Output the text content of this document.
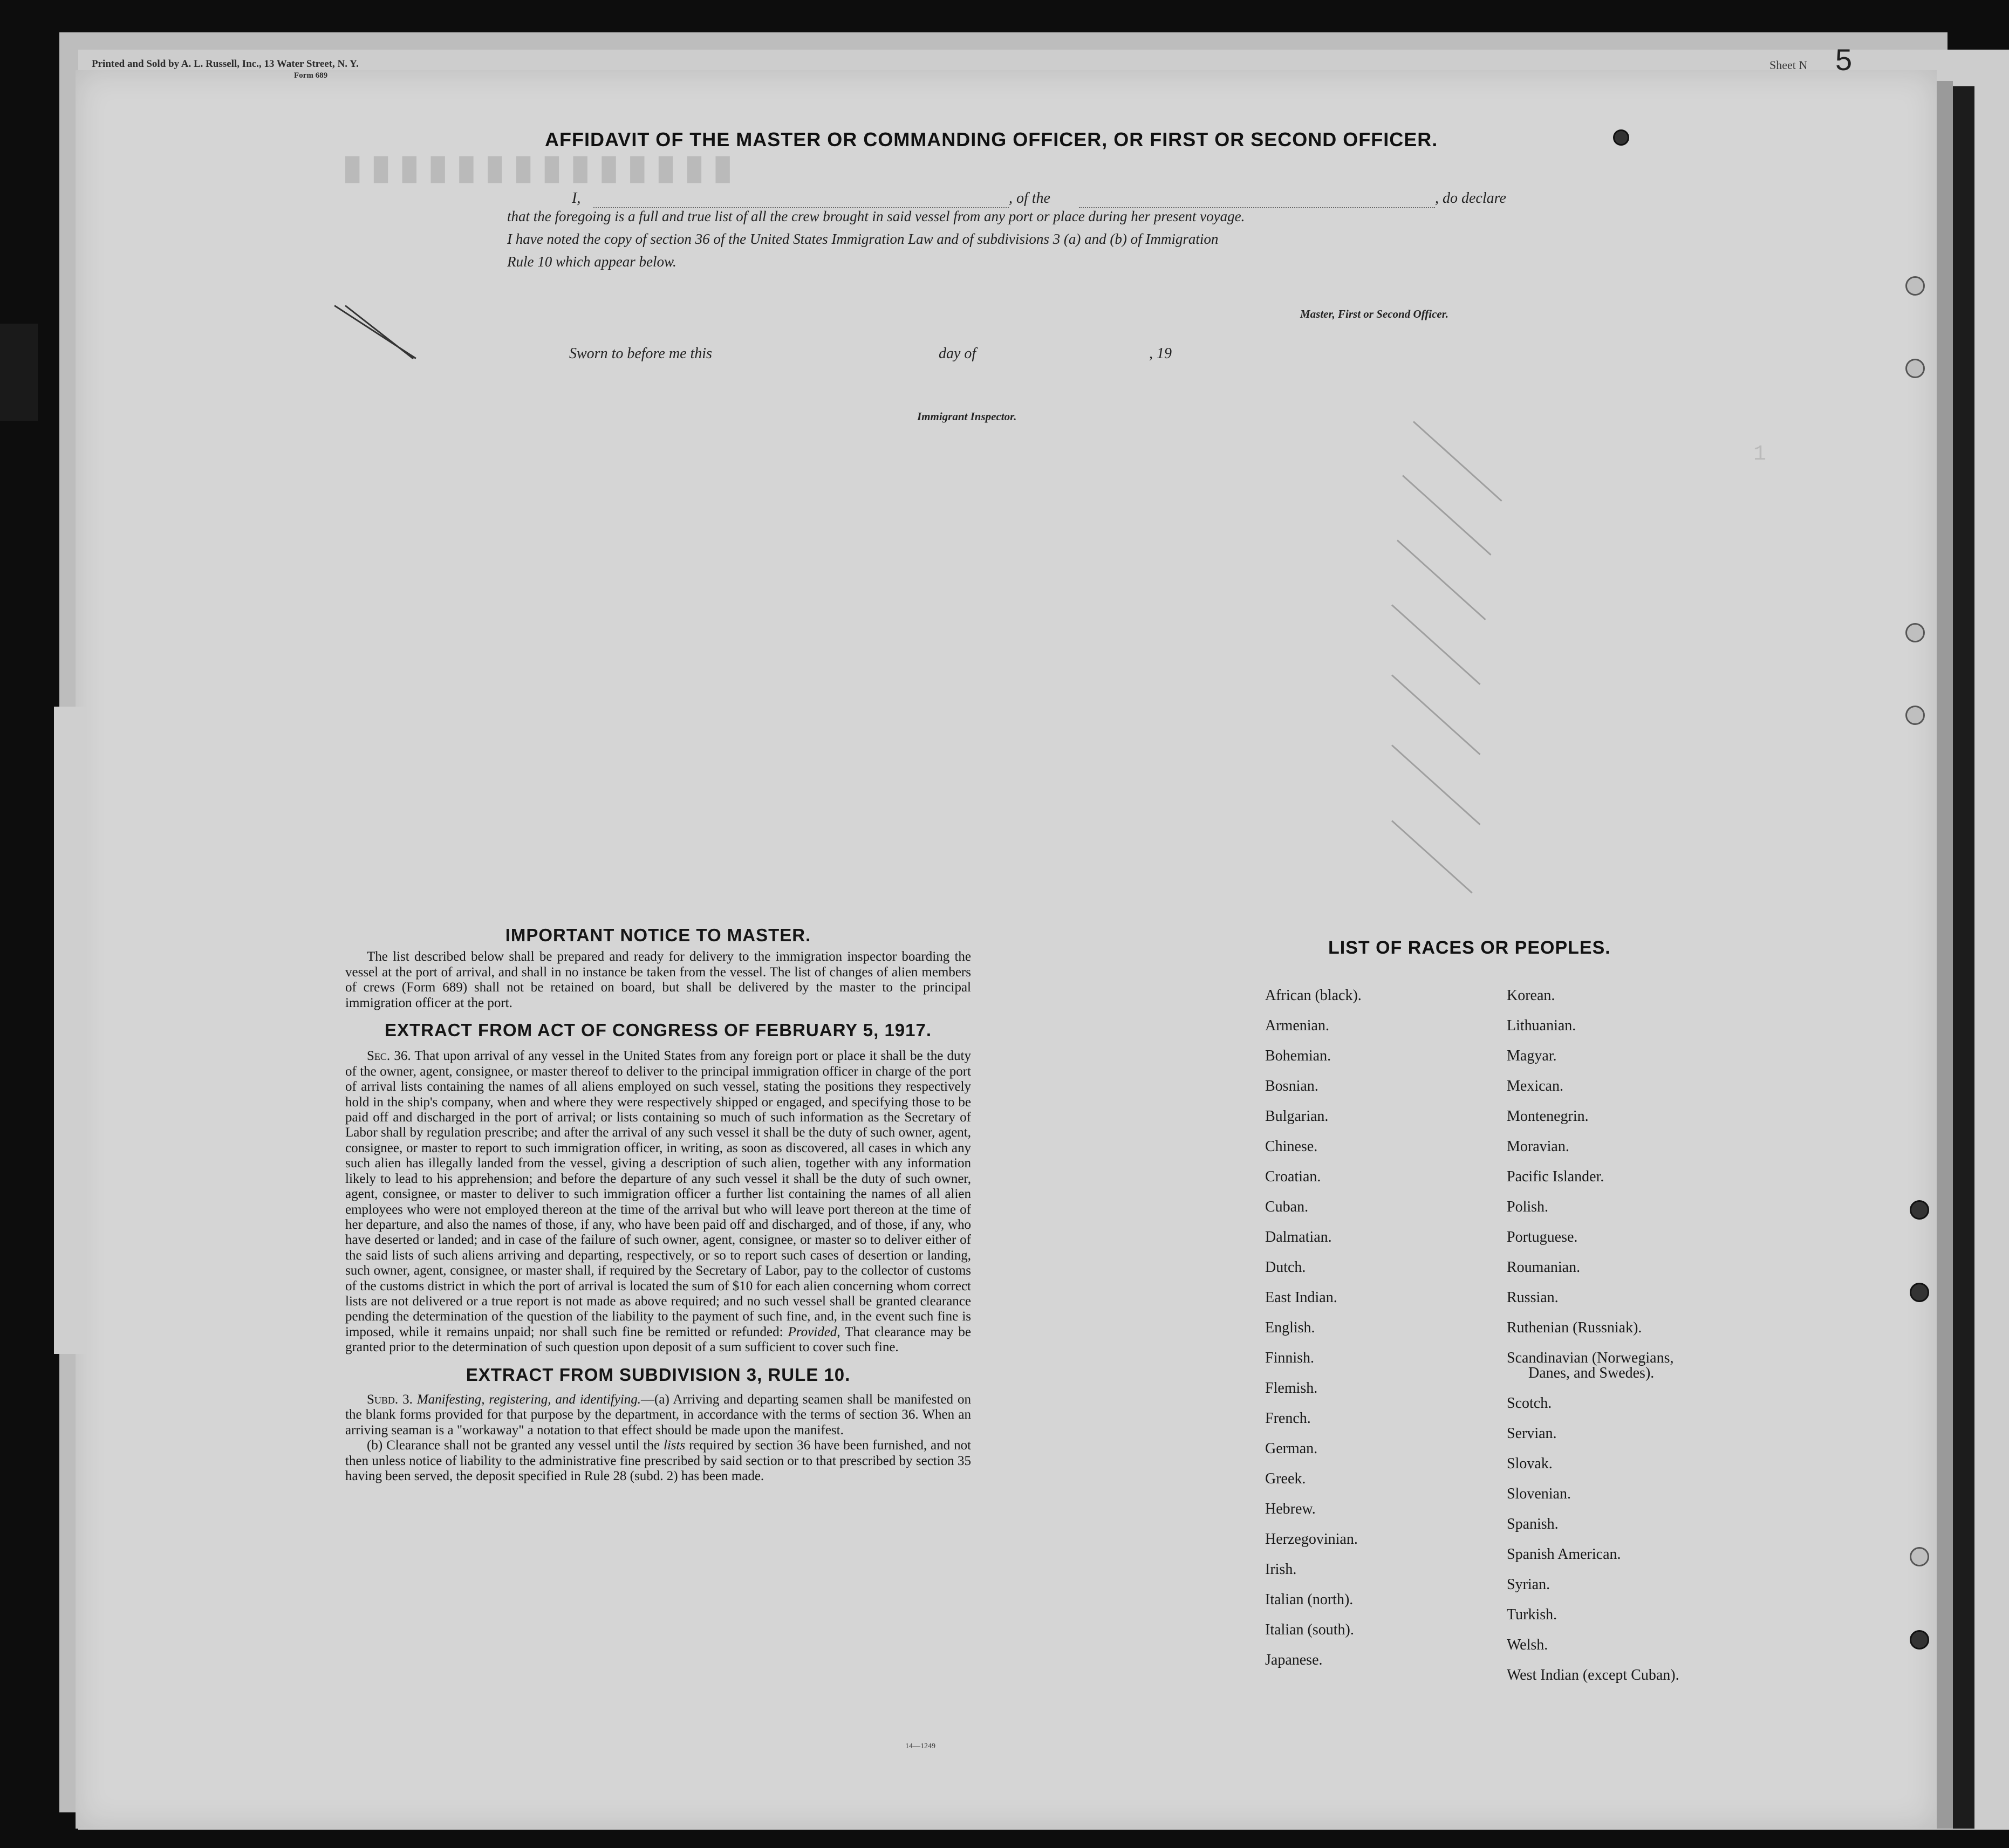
█ █ █ █ █ █ █ █ █ █ █ █ █ █
1
Printed and Sold by A. L. Russell, Inc., 13 Water Street, N. Y.
Form 689
Sheet N 5
AFFIDAVIT OF THE MASTER OR COMMANDING OFFICER, OR FIRST OR SECOND OFFICER.
I,
	, of the
	, do declare
that the foregoing is a full and true list of all the crew brought in said vessel from any port or place during her present voyage.
I have noted the copy of section 36 of the United States Immigration Law and of subdivisions 3 (a) and (b) of Immigration
Rule 10 which appear below.
Master, First or Second Officer.
Sworn to before me this	day of	, 19
Immigrant Inspector.
IMPORTANT NOTICE TO MASTER.

The list described below shall be prepared and ready for delivery to the immigration inspector boarding the vessel at the port of arrival, and shall in no instance be taken from the vessel. The list of changes of alien members of crews (Form 689) shall not be retained on board, but shall be delivered by the master to the principal immigration officer at the port.

EXTRACT FROM ACT OF CONGRESS OF FEBRUARY 5, 1917.

Sec. 36. That upon arrival of any vessel in the United States from any foreign port or place it shall be the duty of the owner, agent, consignee, or master thereof to deliver to the principal immigration officer in charge of the port of arrival lists containing the names of all aliens employed on such vessel, stating the positions they respectively hold in the ship's company, when and where they were respectively shipped or engaged, and specifying those to be paid off and discharged in the port of arrival; or lists containing so much of such information as the Secretary of Labor shall by regulation prescribe; and after the arrival of any such vessel it shall be the duty of such owner, agent, consignee, or master to report to such immigration officer, in writing, as soon as discovered, all cases in which any such alien has illegally landed from the vessel, giving a description of such alien, together with any information likely to lead to his apprehension; and before the departure of any such vessel it shall be the duty of such owner, agent, consignee, or master to deliver to such immigration officer a further list containing the names of all alien employees who were not employed thereon at the time of the arrival but who will leave port thereon at the time of her departure, and also the names of those, if any, who have been paid off and discharged, and of those, if any, who have deserted or landed; and in case of the failure of such owner, agent, consignee, or master so to deliver either of the said lists of such aliens arriving and departing, respectively, or so to report such cases of desertion or landing, such owner, agent, consignee, or master shall, if required by the Secretary of Labor, pay to the collector of customs of the customs district in which the port of arrival is located the sum of $10 for each alien concerning whom correct lists are not delivered or a true report is not made as above required; and no such vessel shall be granted clearance pending the determination of the question of the liability to the payment of such fine, and, in the event such fine is imposed, while it remains unpaid; nor shall such fine be remitted or refunded: Provided, That clearance may be granted prior to the determination of such question upon deposit of a sum sufficient to cover such fine.

EXTRACT FROM SUBDIVISION 3, RULE 10.

Subd. 3. Manifesting, registering, and identifying.—(a) Arriving and departing seamen shall be manifested on the blank forms provided for that purpose by the department, in accordance with the terms of section 36. When an arriving seaman is a "workaway" a notation to that effect should be made upon the manifest.

(b) Clearance shall not be granted any vessel until the lists required by section 36 have been furnished, and not then unless notice of liability to the administrative fine prescribed by said section or to that prescribed by section 35 having been served, the deposit specified in Rule 28 (subd. 2) has been made.

14—1249
LIST OF RACES OR PEOPLES.
African (black).
Armenian.
Bohemian.
Bosnian.
Bulgarian.
Chinese.
Croatian.
Cuban.
Dalmatian.
Dutch.
East Indian.
English.
Finnish.
Flemish.
French.
German.
Greek.
Hebrew.
Herzegovinian.
Irish.
Italian (north).
Italian (south).
Japanese.
Korean.
Lithuanian.
Magyar.
Mexican.
Montenegrin.
Moravian.
Pacific Islander.
Polish.
Portuguese.
Roumanian.
Russian.
Ruthenian (Russniak).
Scandinavian (Norwegians,
Danes, and Swedes).
Scotch.
Servian.
Slovak.
Slovenian.
Spanish.
Spanish American.
Syrian.
Turkish.
Welsh.
West Indian (except Cuban).
